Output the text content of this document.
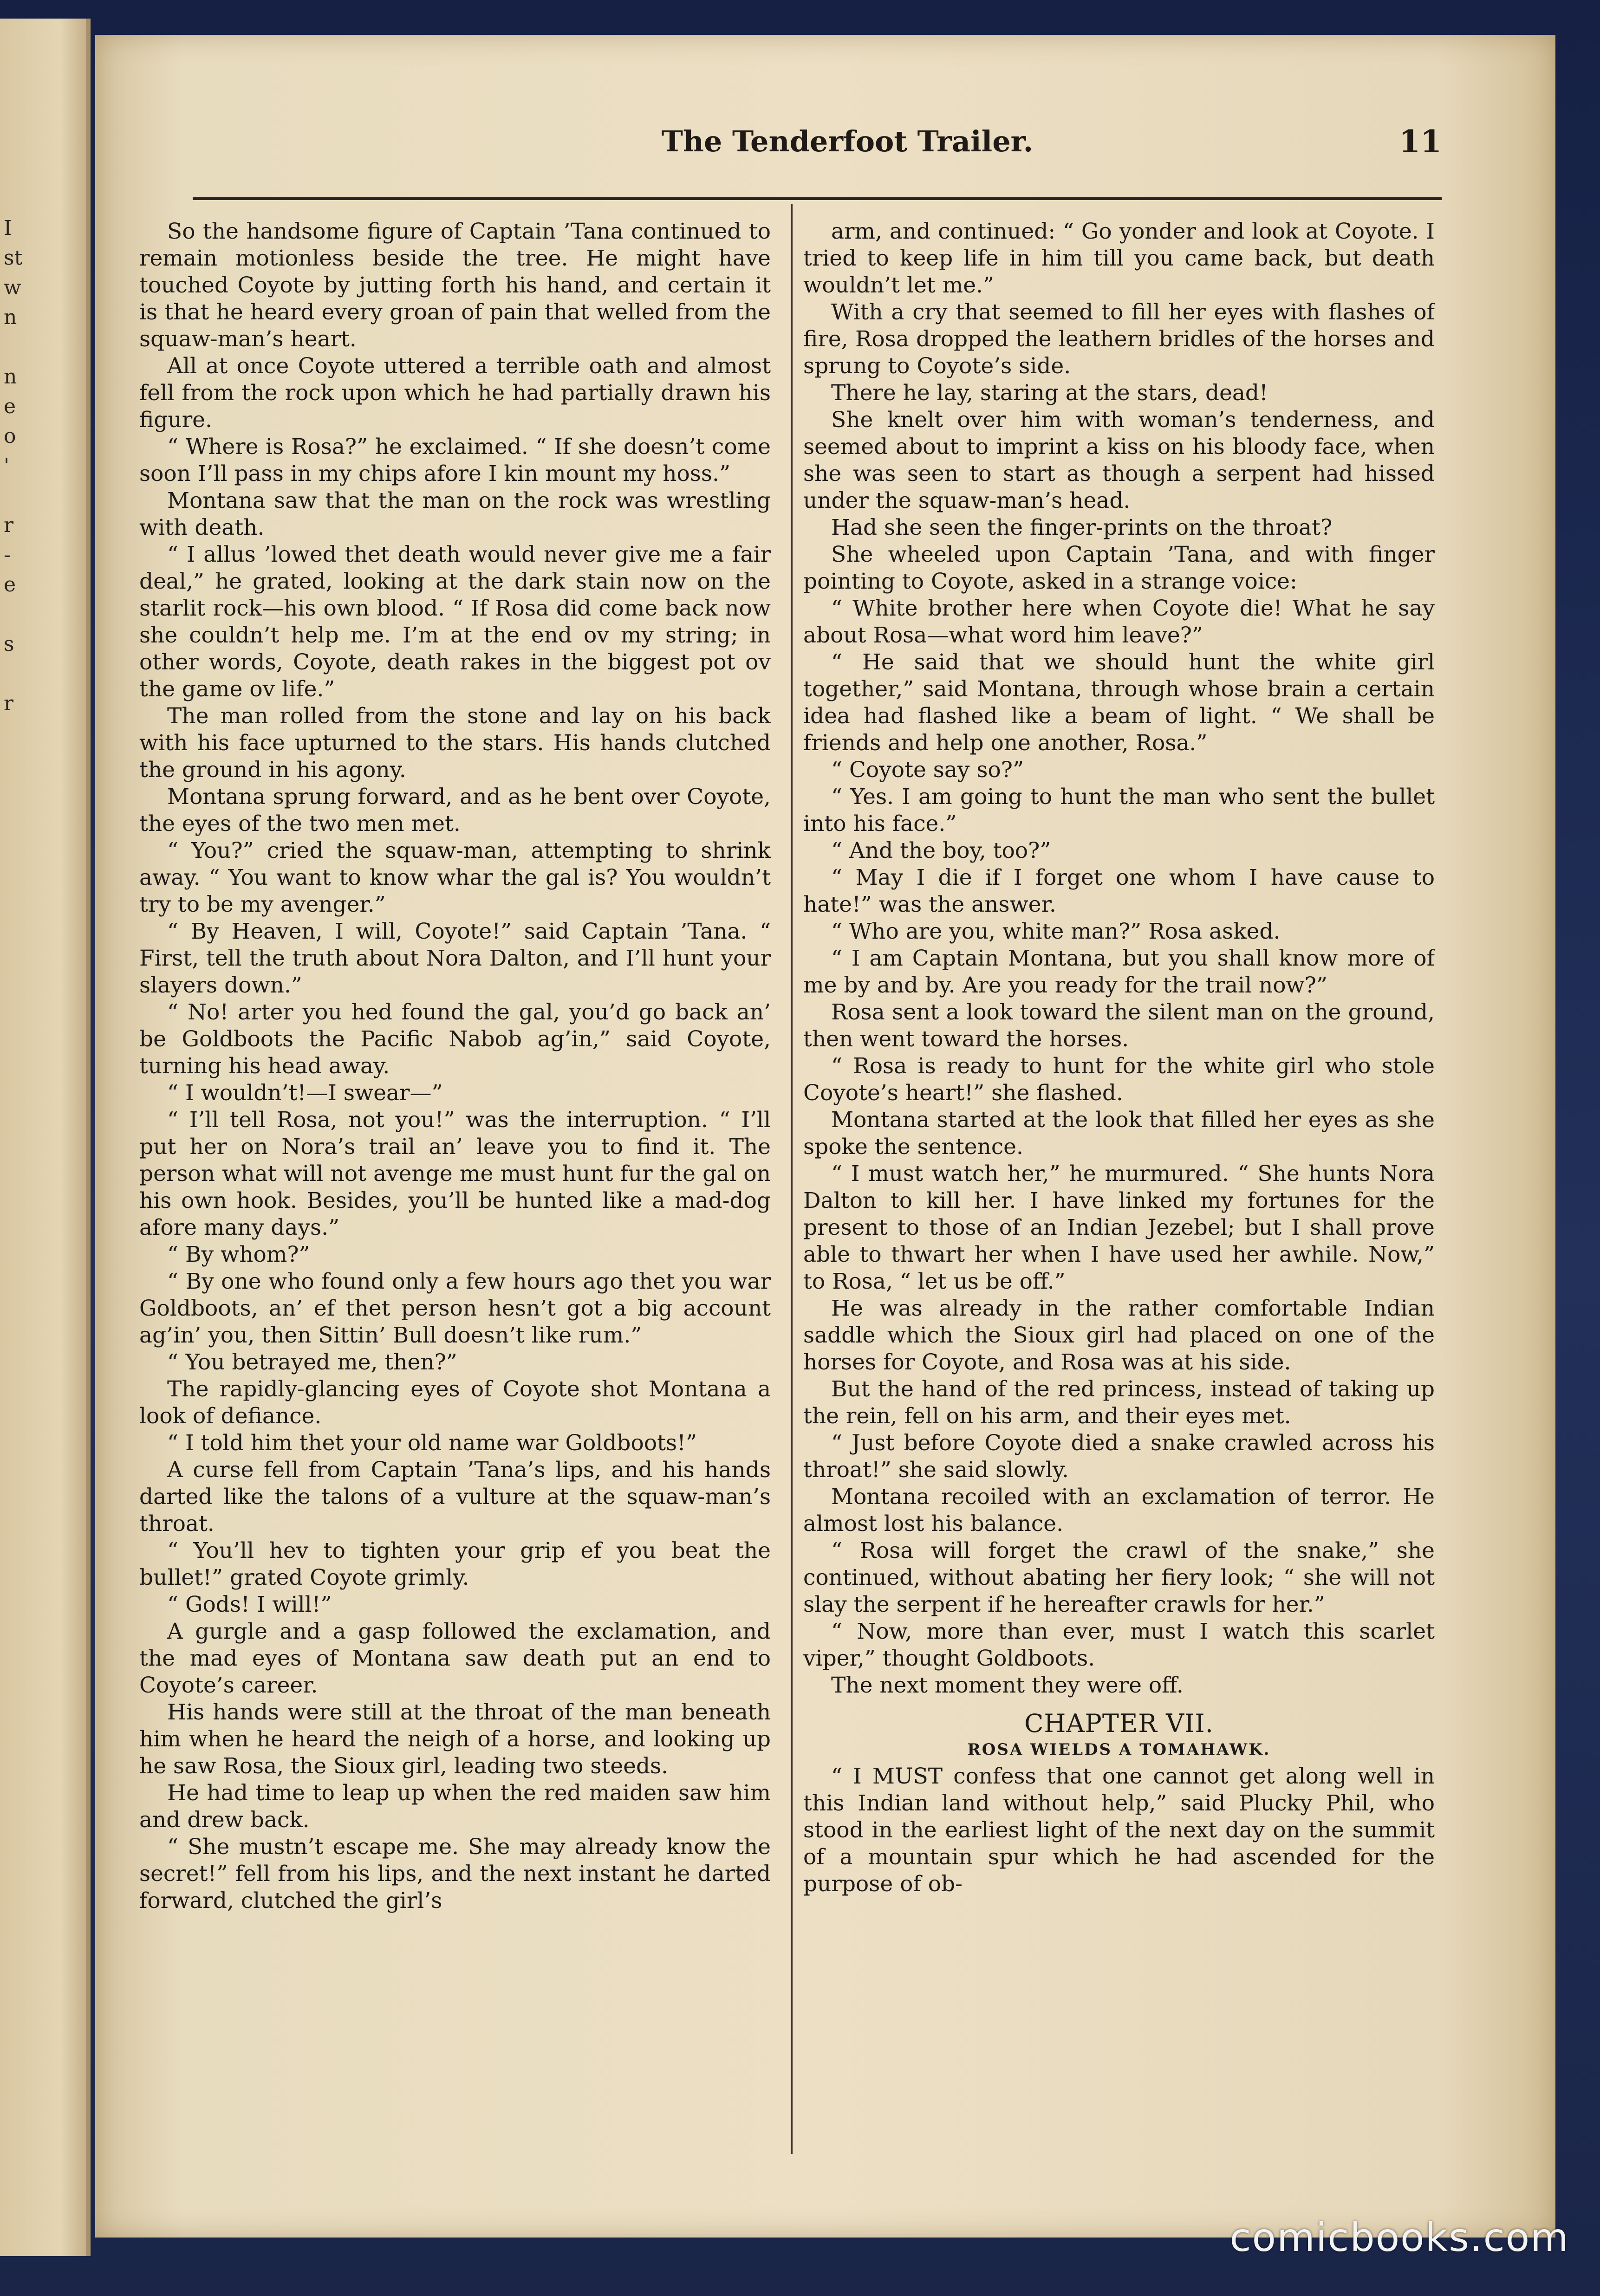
I
st
w
n
n
e
o
'
r
-
e
s
r
The Tenderfoot Trailer.	11

So the handsome figure of Captain ’Tana continued to remain motionless beside the tree. He might have touched Coyote by jutting forth his hand, and certain it is that he heard every groan of pain that welled from the squaw-man’s heart.

All at once Coyote uttered a terrible oath and almost fell from the rock upon which he had partially drawn his figure.

“ Where is Rosa?” he exclaimed. “ If she doesn’t come soon I’ll pass in my chips afore I kin mount my hoss.”

Montana saw that the man on the rock was wrestling with death.

“ I allus ’lowed thet death would never give me a fair deal,” he grated, looking at the dark stain now on the starlit rock—his own blood. “ If Rosa did come back now she couldn’t help me. I’m at the end ov my string; in other words, Coyote, death rakes in the biggest pot ov the game ov life.”

The man rolled from the stone and lay on his back with his face upturned to the stars. His hands clutched the ground in his agony.

Montana sprung forward, and as he bent over Coyote, the eyes of the two men met.

“ You?” cried the squaw-man, attempting to shrink away. “ You want to know whar the gal is? You wouldn’t try to be my avenger.”

“ By Heaven, I will, Coyote!” said Captain ’Tana. “ First, tell the truth about Nora Dalton, and I’ll hunt your slayers down.”

“ No! arter you hed found the gal, you’d go back an’ be Goldboots the Pacific Nabob ag’in,” said Coyote, turning his head away.

“ I wouldn’t!—I swear—”

“ I’ll tell Rosa, not you!” was the interruption. “ I’ll put her on Nora’s trail an’ leave you to find it. The person what will not avenge me must hunt fur the gal on his own hook. Besides, you’ll be hunted like a mad-dog afore many days.”

“ By whom?”

“ By one who found only a few hours ago thet you war Goldboots, an’ ef thet person hesn’t got a big account ag’in’ you, then Sittin’ Bull doesn’t like rum.”

“ You betrayed me, then?”

The rapidly-glancing eyes of Coyote shot Montana a look of defiance.

“ I told him thet your old name war Goldboots!”

A curse fell from Captain ’Tana’s lips, and his hands darted like the talons of a vulture at the squaw-man’s throat.

“ You’ll hev to tighten your grip ef you beat the bullet!” grated Coyote grimly.

“ Gods! I will!”

A gurgle and a gasp followed the exclamation, and the mad eyes of Montana saw death put an end to Coyote’s career.

His hands were still at the throat of the man beneath him when he heard the neigh of a horse, and looking up he saw Rosa, the Sioux girl, leading two steeds.

He had time to leap up when the red maiden saw him and drew back.

“ She mustn’t escape me. She may already know the secret!” fell from his lips, and the next instant he darted forward, clutched the girl’s

arm, and continued: “ Go yonder and look at Coyote. I tried to keep life in him till you came back, but death wouldn’t let me.”

With a cry that seemed to fill her eyes with flashes of fire, Rosa dropped the leathern bridles of the horses and sprung to Coyote’s side.

There he lay, staring at the stars, dead!

She knelt over him with woman’s tenderness, and seemed about to imprint a kiss on his bloody face, when she was seen to start as though a serpent had hissed under the squaw-man’s head.

Had she seen the finger-prints on the throat?

She wheeled upon Captain ’Tana, and with finger pointing to Coyote, asked in a strange voice:

“ White brother here when Coyote die! What he say about Rosa—what word him leave?”

“ He said that we should hunt the white girl together,” said Montana, through whose brain a certain idea had flashed like a beam of light. “ We shall be friends and help one another, Rosa.”

“ Coyote say so?”

“ Yes. I am going to hunt the man who sent the bullet into his face.”

“ And the boy, too?”

“ May I die if I forget one whom I have cause to hate!” was the answer.

“ Who are you, white man?” Rosa asked.

“ I am Captain Montana, but you shall know more of me by and by. Are you ready for the trail now?”

Rosa sent a look toward the silent man on the ground, then went toward the horses.

“ Rosa is ready to hunt for the white girl who stole Coyote’s heart!” she flashed.

Montana started at the look that filled her eyes as she spoke the sentence.

“ I must watch her,” he murmured. “ She hunts Nora Dalton to kill her. I have linked my fortunes for the present to those of an Indian Jezebel; but I shall prove able to thwart her when I have used her awhile. Now,” to Rosa, “ let us be off.”

He was already in the rather comfortable Indian saddle which the Sioux girl had placed on one of the horses for Coyote, and Rosa was at his side.

But the hand of the red princess, instead of taking up the rein, fell on his arm, and their eyes met.

“ Just before Coyote died a snake crawled across his throat!” she said slowly.

Montana recoiled with an exclamation of terror. He almost lost his balance.

“ Rosa will forget the crawl of the snake,” she continued, without abating her fiery look; “ she will not slay the serpent if he hereafter crawls for her.”

“ Now, more than ever, must I watch this scarlet viper,” thought Goldboots.

The next moment they were off.

CHAPTER VII.
ROSA WIELDS A TOMAHAWK.

“ I MUST confess that one cannot get along well in this Indian land without help,” said Plucky Phil, who stood in the earliest light of the next day on the summit of a mountain spur which he had ascended for the purpose of ob-

comicbooks.com
